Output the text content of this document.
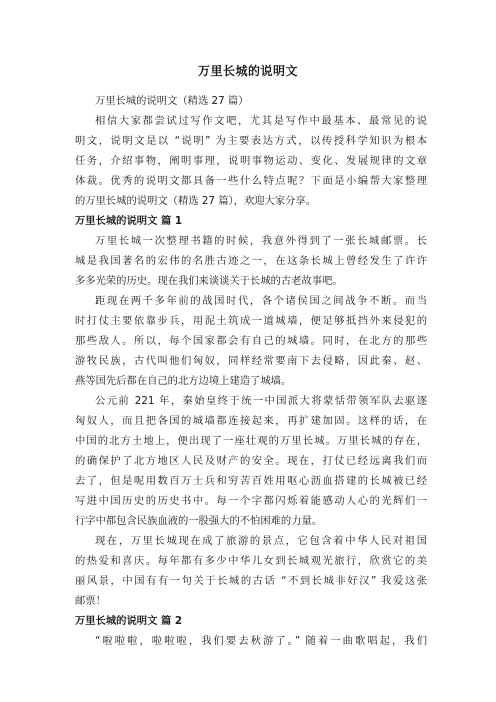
万里长城的说明文
万里长城的说明文（精选 27 篇）
相信大家都尝试过写作文吧，尤其是写作中最基本、最常见的说
明文，说明文是以 “说明” 为主要表达方式，以传授科学知识为根本
任务，介绍事物，阐明事理，说明事物运动、变化、发展规律的文章
体裁。优秀的说明文都具备一些什么特点呢？下面是小编帮大家整理
的万里长城的说明文（精选 27 篇），欢迎大家分享。
万里长城的说明文 篇 1
万里长城一次整理书籍的时候，我意外得到了一张长城邮票。长
城是我国著名的宏伟的名胜古迹之一，在这条长城上曾经发生了许许
多多光荣的历史。现在我们来谈谈关于长城的古老故事吧。
距现在两千多年前的战国时代，各个诸侯国之间战争不断。而当
时打仗主要依靠步兵，用泥土筑成一道城墙，便足够抵挡外来侵犯的
那些敌人。所以，每个国家都会有自己的城墙。同时，在北方的那些
游牧民族，古代叫他们匈奴，同样经常要南下去侵略，因此秦、赵、
燕等国先后都在自己的北方边境上建造了城墙。
公元前 221 年，秦始皇终于统一中国派大将蒙恬带领军队去驱逐
匈奴人，而且把各国的城墙都连接起来，再扩建加固。这样的话，在
中国的北方土地上，便出现了一座壮观的万里长城。万里长城的存在，
的确保护了北方地区人民及财产的安全。现在，打仗已经远离我们而
去了，但是呢用数百万士兵和穷苦百姓用呕心沥血搭建的长城被已经
写进中国历史的历史书中。每一个字都闪烁着能感动人心的光辉们一
行字中都包含民族血液的一股强大的不怕困难的力量。
现在，万里长城现在成了旅游的景点，它包含着中华人民对祖国
的热爱和喜庆。每年都有多少中华儿女到长城观光旅行，欣赏它的美
丽风景，中国有有一句关于长城的古话 “不到长城非好汉” 我爱这张
邮票！
万里长城的说明文 篇 2
“啦啦啦，啦啦啦，我们要去秋游了。” 随着一曲歌唱起，我们
